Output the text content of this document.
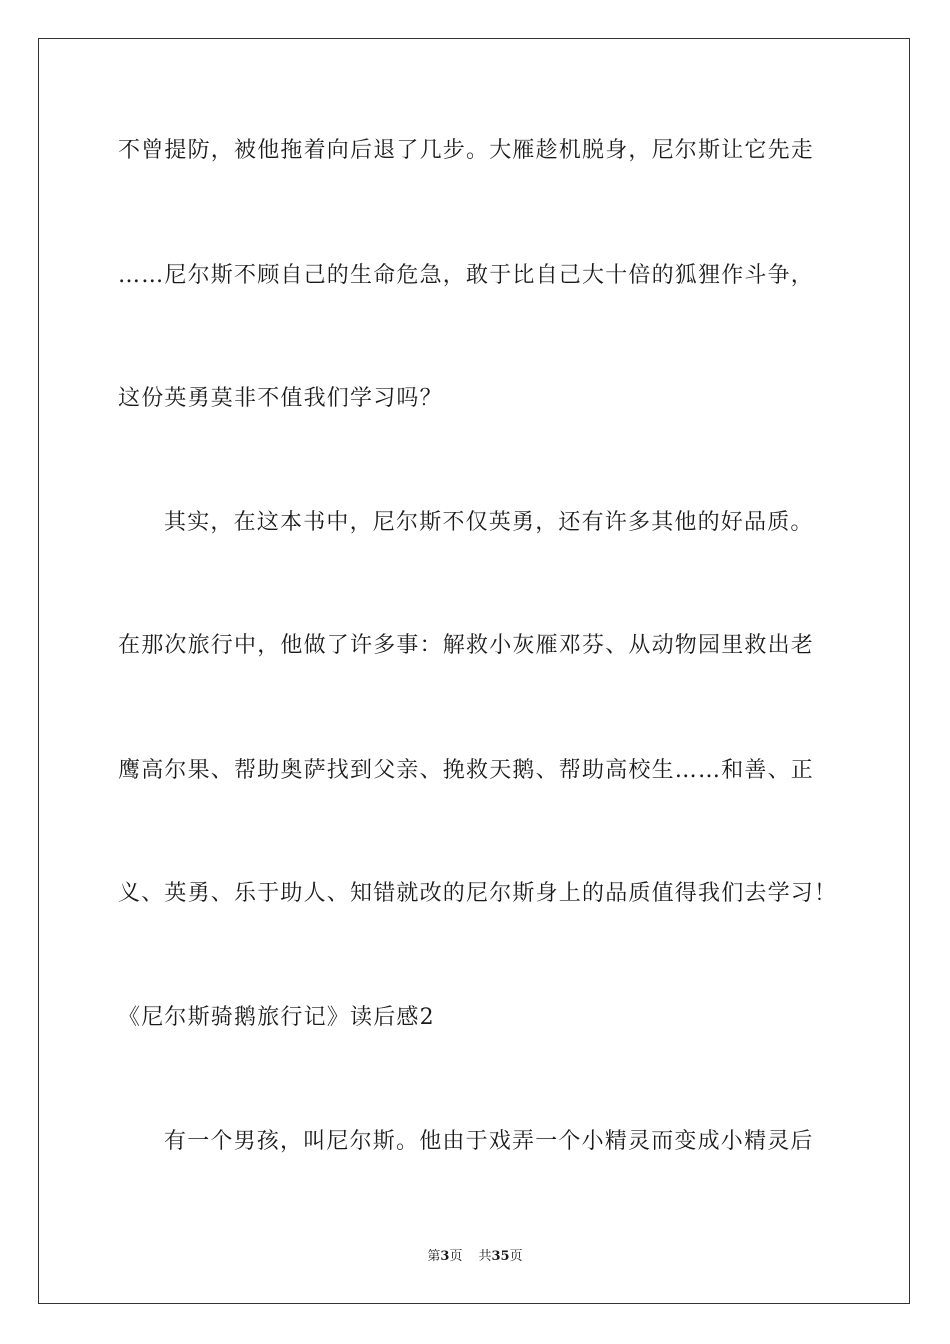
不曾提防，被他拖着向后退了几步。大雁趁机脱身，尼尔斯让它先走
……尼尔斯不顾自己的生命危急，敢于比自己大十倍的狐狸作斗争，
这份英勇莫非不值我们学习吗？
其实，在这本书中，尼尔斯不仅英勇，还有许多其他的好品质。
在那次旅行中，他做了许多事：解救小灰雁邓芬、从动物园里救出老
鹰高尔果、帮助奥萨找到父亲、挽救天鹅、帮助高校生……和善、正
义、英勇、乐于助人、知错就改的尼尔斯身上的品质值得我们去学习！
《尼尔斯骑鹅旅行记》读后感2
有一个男孩，叫尼尔斯。他由于戏弄一个小精灵而变成小精灵后
第3页 共35页
